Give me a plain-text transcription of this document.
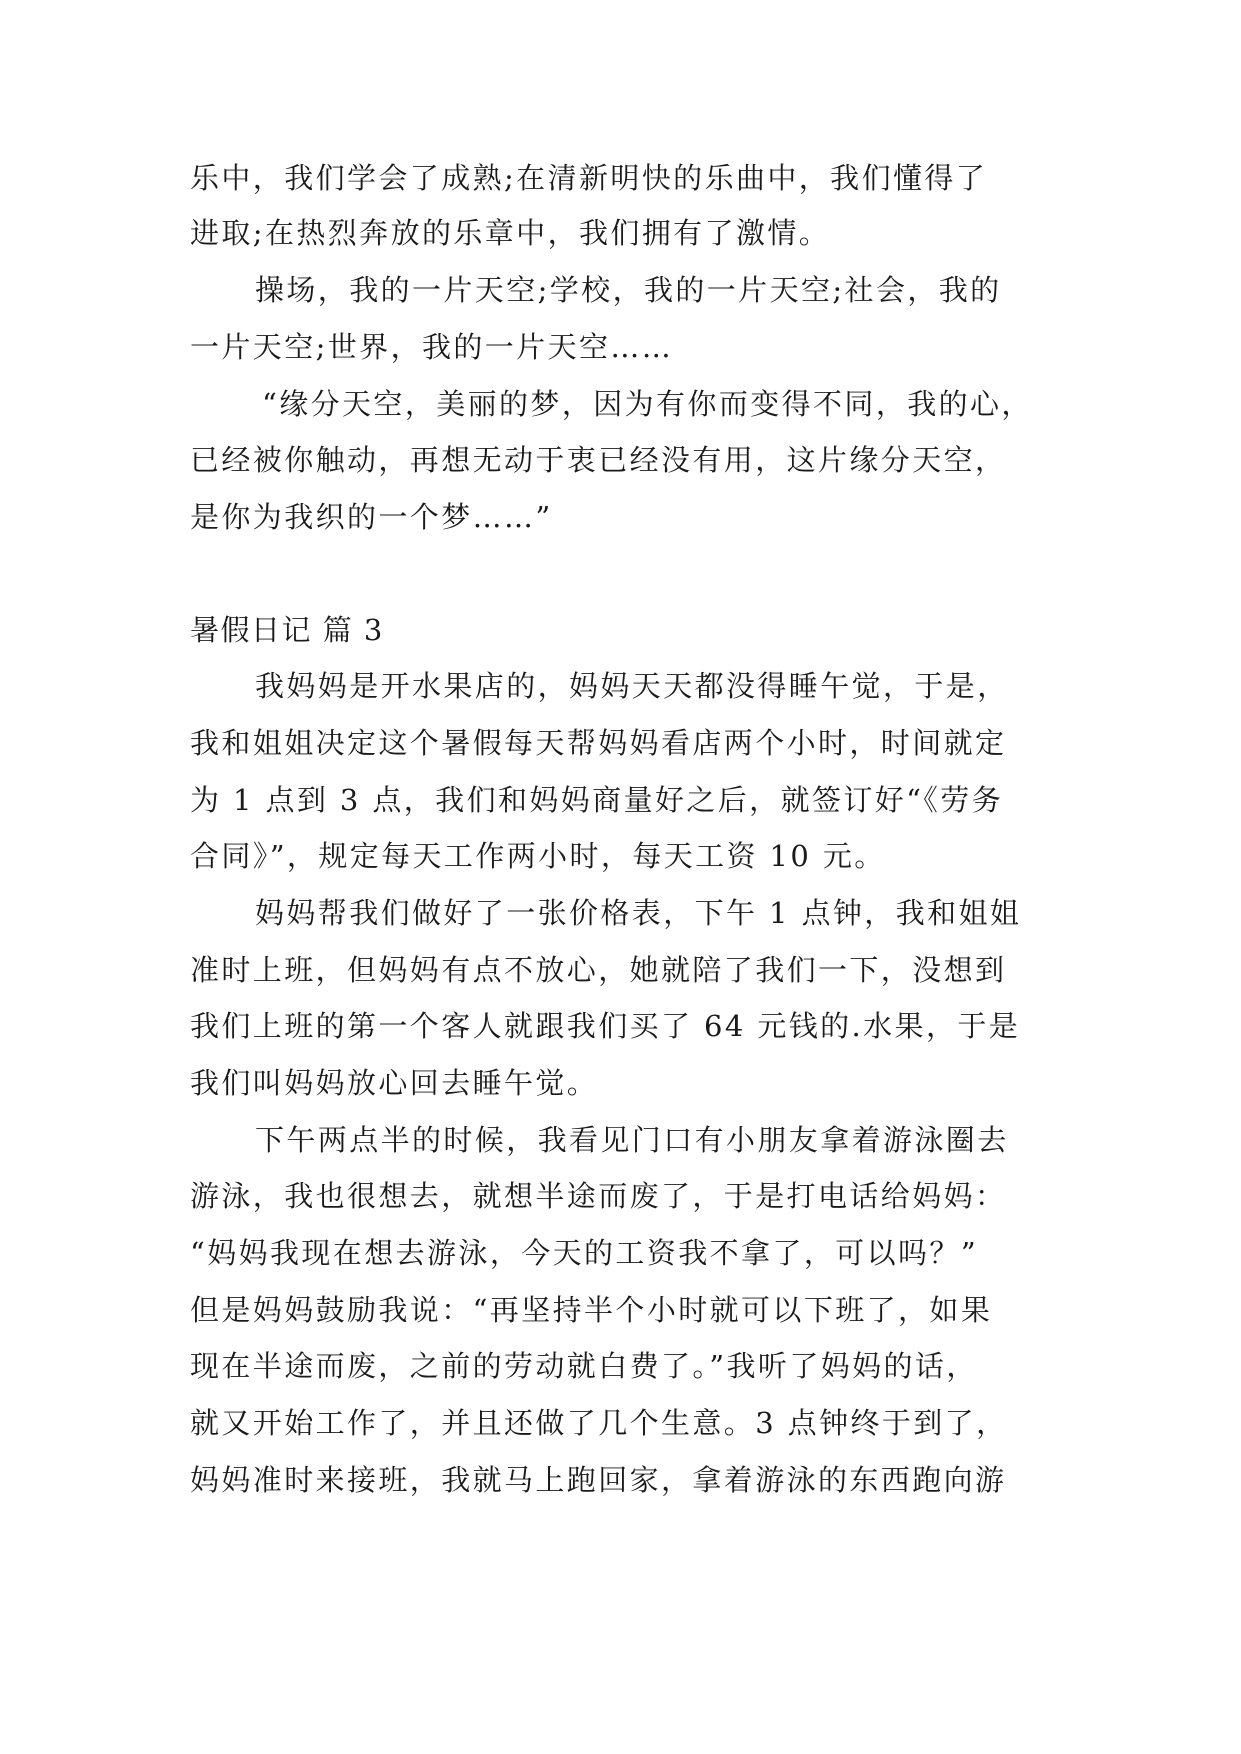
乐中，我们学会了成熟;在清新明快的乐曲中，我们懂得了
进取;在热烈奔放的乐章中，我们拥有了激情。
操场，我的一片天空;学校，我的一片天空;社会，我的
一片天空;世界，我的一片天空……
“缘分天空，美丽的梦，因为有你而变得不同，我的心，
已经被你触动，再想无动于衷已经没有用，这片缘分天空，
是你为我织的一个梦……”
暑假日记 篇 3
我妈妈是开水果店的，妈妈天天都没得睡午觉，于是，
我和姐姐决定这个暑假每天帮妈妈看店两个小时，时间就定
为 1 点到 3 点，我们和妈妈商量好之后，就签订好“《劳务
合同》”，规定每天工作两小时，每天工资 10 元。
妈妈帮我们做好了一张价格表，下午 1 点钟，我和姐姐
准时上班，但妈妈有点不放心，她就陪了我们一下，没想到
我们上班的第一个客人就跟我们买了 64 元钱的.水果，于是
我们叫妈妈放心回去睡午觉。
下午两点半的时候，我看见门口有小朋友拿着游泳圈去
游泳，我也很想去，就想半途而废了，于是打电话给妈妈：
“妈妈我现在想去游泳，今天的工资我不拿了，可以吗？”
但是妈妈鼓励我说：“再坚持半个小时就可以下班了，如果
现在半途而废，之前的劳动就白费了。”我听了妈妈的话，
就又开始工作了，并且还做了几个生意。3 点钟终于到了，
妈妈准时来接班，我就马上跑回家，拿着游泳的东西跑向游
